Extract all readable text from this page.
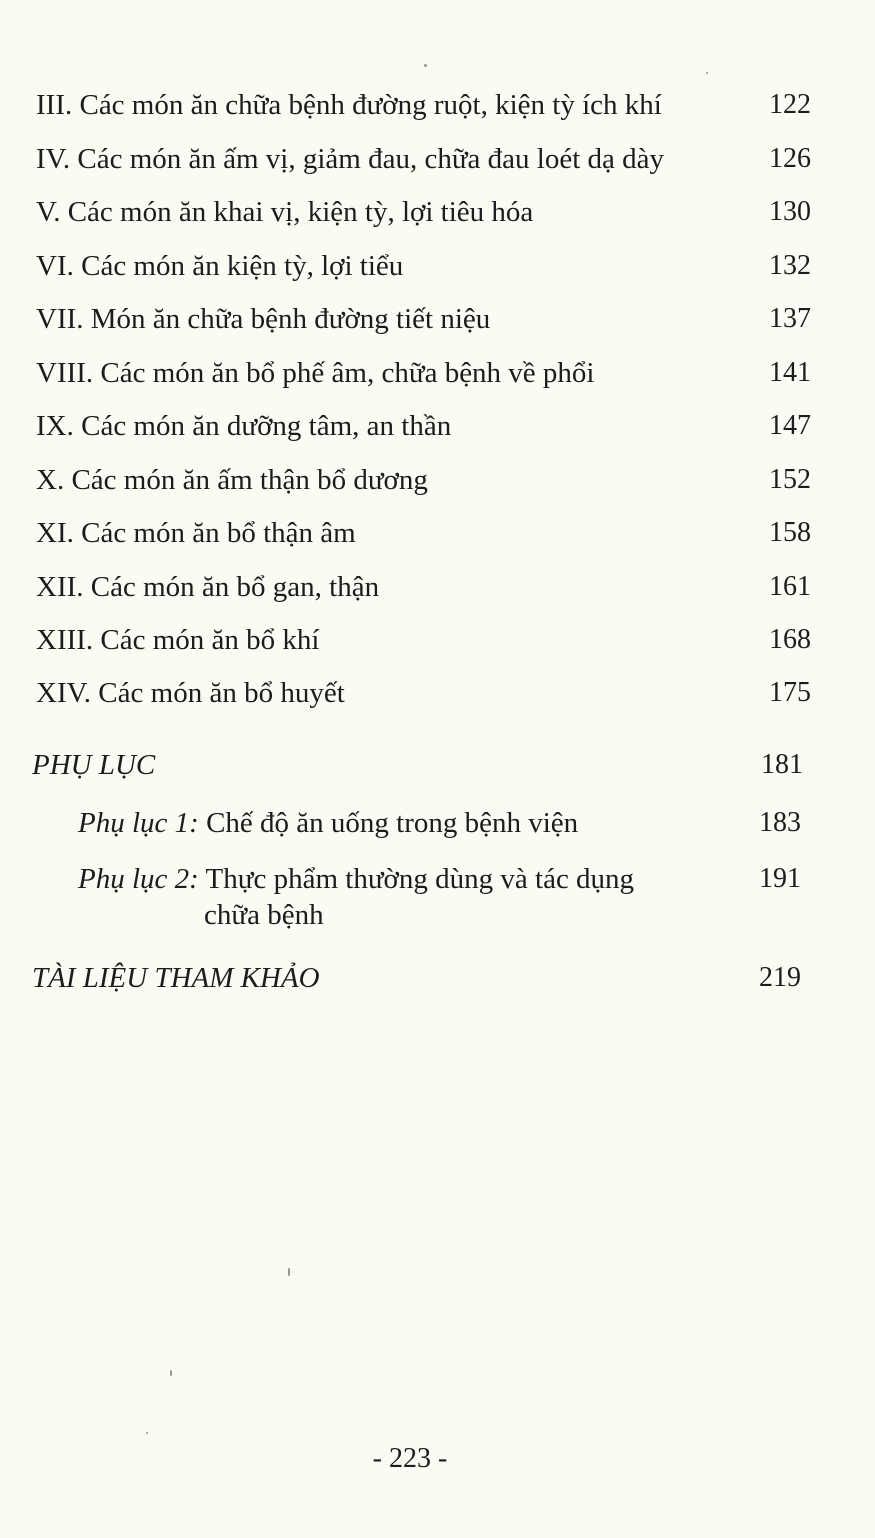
III. Các món ăn chữa bệnh đường ruột, kiện tỳ ích khí	122
IV. Các món ăn ấm vị, giảm đau, chữa đau loét dạ dày	126
V. Các món ăn khai vị, kiện tỳ, lợi tiêu hóa	130
VI. Các món ăn kiện tỳ, lợi tiểu	132
VII. Món ăn chữa bệnh đường tiết niệu	137
VIII. Các món ăn bổ phế âm, chữa bệnh về phổi	141
IX. Các món ăn dưỡng tâm, an thần	147
X. Các món ăn ấm thận bổ dương	152
XI. Các món ăn bổ thận âm	158
XII. Các món ăn bổ gan, thận	161
XIII. Các món ăn bổ khí	168
XIV. Các món ăn bổ huyết	175
PHỤ LỤC	181
Phụ lục 1: Chế độ ăn uống trong bệnh viện	183
Phụ lục 2: Thực phẩm thường dùng và tác dụng	191
chữa bệnh
TÀI LIỆU THAM KHẢO	219
- 223 -
